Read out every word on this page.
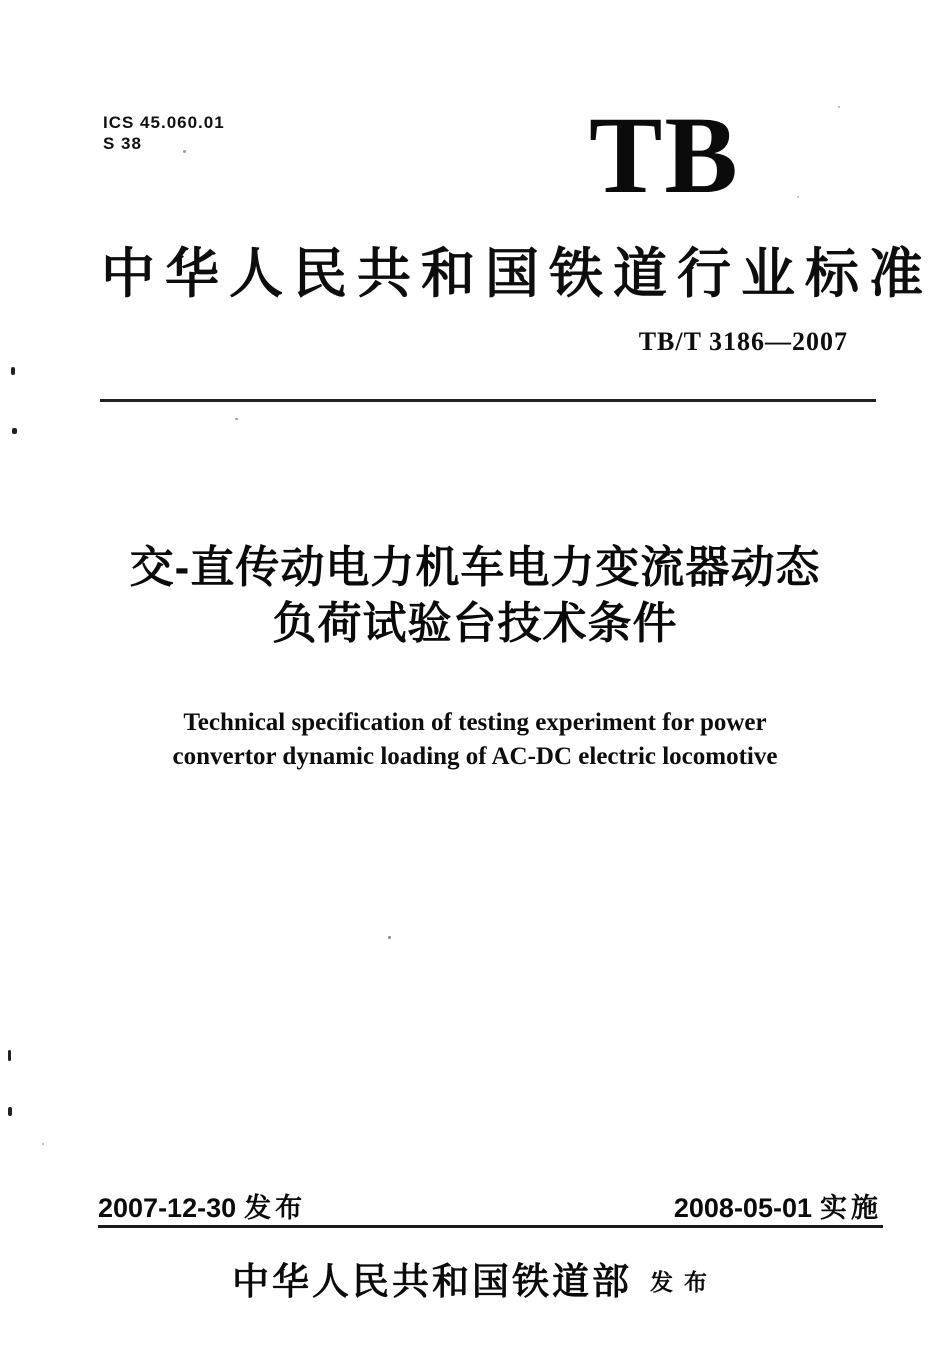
ICS 45.060.01
S 38	TB
中华人民共和国铁道行业标准
TB/T 3186—2007
交-直传动电力机车电力变流器动态
负荷试验台技术条件
Technical specification of testing experiment for power
convertor dynamic loading of AC-DC electric locomotive
2007-12-30 发布	2008-05-01 实施
中华人民共和国铁道部 发布
